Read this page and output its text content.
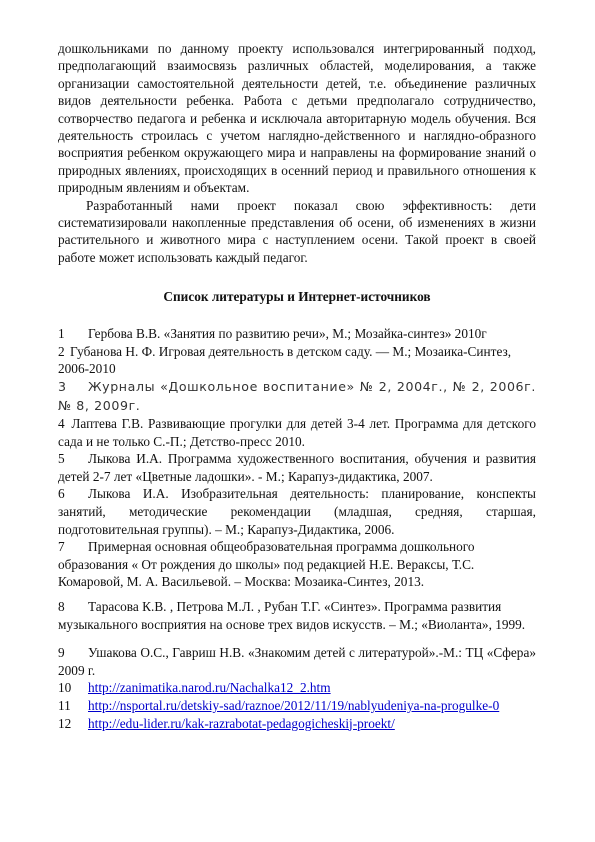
дошкольниками по данному проекту использовался интегрированный подход, предполагающий взаимосвязь различных областей, моделирования, а также организации самостоятельной деятельности детей, т.е. объединение различных видов деятельности ребенка. Работа с детьми предполагало сотрудничество, сотворчество педагога и ребенка и исключала авторитарную модель обучения. Вся деятельность строилась с учетом наглядно-действенного и наглядно-образного восприятия ребенком окружающего мира и направлены на формирование знаний о природных явлениях, происходящих в осенний период и правильного отношения к природным явлениям и объектам.

Разработанный нами проект показал свою эффективность: дети систематизировали накопленные представления об осени, об изменениях в жизни растительного и животного мира с наступлением осени. Такой проект в своей работе может использовать каждый педагог.

Список литературы и Интернет-источников

1 Гербова В.В. «Занятия по развитию речи», М.; Мозайка-синтез» 2010г

2 Губанова Н. Ф. Игровая деятельность в детском саду. — М.; Мозаика-Синтез, 2006-2010

3 Журналы «Дошкольное воспитание» № 2, 2004г., № 2, 2006г. № 8, 2009г.

4 Лаптева Г.В. Развивающие прогулки для детей 3-4 лет. Программа для детского сада и не только С.-П.; Детство-пресс 2010.

5 Лыкова И.А. Программа художественного воспитания, обучения и развития детей 2-7 лет «Цветные ладошки». - М.; Карапуз-дидактика, 2007.

6 Лыкова И.А. Изобразительная деятельность: планирование, конспекты занятий, методические рекомендации (младшая, средняя, старшая, подготовительная группы). – М.; Карапуз-Дидактика, 2006.

7 Примерная основная общеобразовательная программа дошкольного образования « От рождения до школы» под редакцией Н.Е. Веракcы, Т.С. Комаровой, М. А. Васильевой. – Москва: Мозаика-Синтез, 2013.

8 Тарасова К.В. , Петрова М.Л. , Рубан Т.Г. «Синтез». Программа развития музыкального восприятия на основе трех видов искусств. – М.; «Виоланта», 1999.

9 Ушакова О.С., Гавриш Н.В. «Знакомим детей с литературой».-М.: ТЦ «Сфера» 2009 г.

10 http://zanimatika.narod.ru/Nachalka12_2.htm

11 http://nsportal.ru/detskiy-sad/raznoe/2012/11/19/nablyudeniya-na-progulke-0

12 http://edu-lider.ru/kak-razrabotat-pedagogicheskij-proekt/
